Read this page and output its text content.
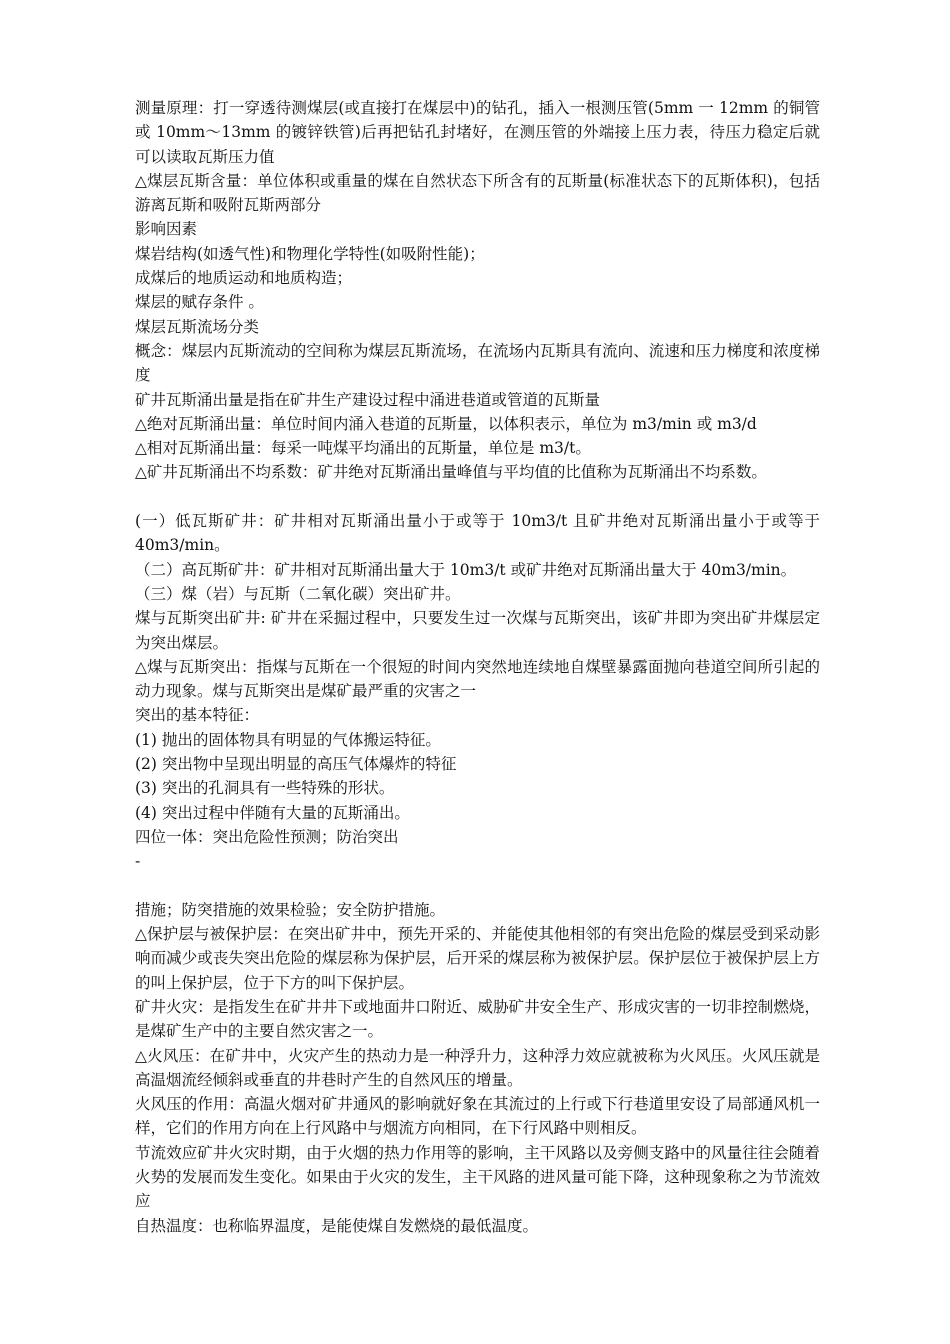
测量原理：打一穿透待测煤层(或直接打在煤层中)的钻孔，插入一根测压管(5mm 一 12mm 的铜管或 10mm～13mm 的镀锌铁管)后再把钻孔封堵好，在测压管的外端接上压力表，待压力稳定后就可以读取瓦斯压力值

△煤层瓦斯含量：单位体积或重量的煤在自然状态下所含有的瓦斯量(标准状态下的瓦斯体积)，包括游离瓦斯和吸附瓦斯两部分

影响因素

煤岩结构(如透气性)和物理化学特性(如吸附性能)；

成煤后的地质运动和地质构造；

煤层的赋存条件 。

煤层瓦斯流场分类

概念：煤层内瓦斯流动的空间称为煤层瓦斯流场，在流场内瓦斯具有流向、流速和压力梯度和浓度梯度

矿井瓦斯涌出量是指在矿井生产建设过程中涌进巷道或管道的瓦斯量

△绝对瓦斯涌出量：单位时间内涌入巷道的瓦斯量，以体积表示，单位为 m3/min 或 m3/d

△相对瓦斯涌出量：每采一吨煤平均涌出的瓦斯量，单位是 m3/t。

△矿井瓦斯涌出不均系数：矿井绝对瓦斯涌出量峰值与平均值的比值称为瓦斯涌出不均系数。

(一）低瓦斯矿井：矿井相对瓦斯涌出量小于或等于 10m3/t 且矿井绝对瓦斯涌出量小于或等于 40m3/min。

（二）高瓦斯矿井：矿井相对瓦斯涌出量大于 10m3/t 或矿井绝对瓦斯涌出量大于 40m3/min。

（三）煤（岩）与瓦斯（二氧化碳）突出矿井。

煤与瓦斯突出矿井: 矿井在采掘过程中，只要发生过一次煤与瓦斯突出，该矿井即为突出矿井煤层定为突出煤层。

△煤与瓦斯突出：指煤与瓦斯在一个很短的时间内突然地连续地自煤壁暴露面抛向巷道空间所引起的动力现象。煤与瓦斯突出是煤矿最严重的灾害之一

突出的基本特征：

(1) 抛出的固体物具有明显的气体搬运特征。

(2) 突出物中呈现出明显的高压气体爆炸的特征

(3) 突出的孔洞具有一些特殊的形状。

(4) 突出过程中伴随有大量的瓦斯涌出。

四位一体：突出危险性预测；防治突出

-

措施；防突措施的效果检验；安全防护措施。

△保护层与被保护层：在突出矿井中，预先开采的、并能使其他相邻的有突出危险的煤层受到采动影响而减少或丧失突出危险的煤层称为保护层，后开采的煤层称为被保护层。保护层位于被保护层上方的叫上保护层，位于下方的叫下保护层。

矿井火灾：是指发生在矿井井下或地面井口附近、威胁矿井安全生产、形成灾害的一切非控制燃烧，是煤矿生产中的主要自然灾害之一。

△火风压：在矿井中，火灾产生的热动力是一种浮升力，这种浮力效应就被称为火风压。火风压就是高温烟流经倾斜或垂直的井巷时产生的自然风压的增量。

火风压的作用：高温火烟对矿井通风的影响就好象在其流过的上行或下行巷道里安设了局部通风机一样，它们的作用方向在上行风路中与烟流方向相同，在下行风路中则相反。

节流效应矿井火灾时期，由于火烟的热力作用等的影响，主干风路以及旁侧支路中的风量往往会随着火势的发展而发生变化。如果由于火灾的发生，主干风路的进风量可能下降，这种现象称之为节流效应

自热温度：也称临界温度，是能使煤自发燃烧的最低温度。
